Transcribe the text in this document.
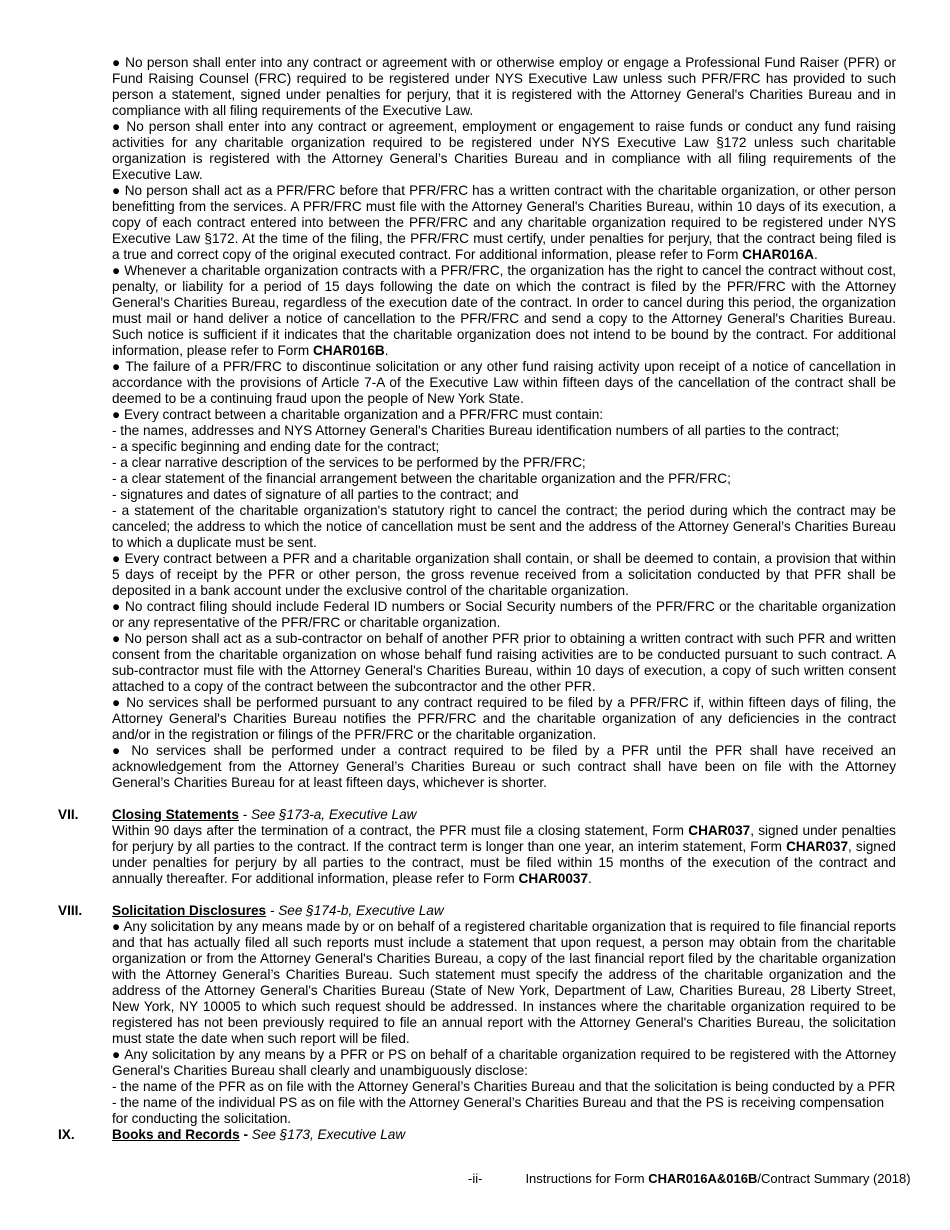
● No person shall enter into any contract or agreement with or otherwise employ or engage a Professional Fund Raiser (PFR) or Fund Raising Counsel (FRC) required to be registered under NYS Executive Law unless such PFR/FRC has provided to such person a statement, signed under penalties for perjury, that it is registered with the Attorney General's Charities Bureau and in compliance with all filing requirements of the Executive Law.

● No person shall enter into any contract or agreement, employment or engagement to raise funds or conduct any fund raising activities for any charitable organization required to be registered under NYS Executive Law §172 unless such charitable organization is registered with the Attorney General’s Charities Bureau and in compliance with all filing requirements of the Executive Law.

● No person shall act as a PFR/FRC before that PFR/FRC has a written contract with the charitable organization, or other person benefitting from the services. A PFR/FRC must file with the Attorney General's Charities Bureau, within 10 days of its execution, a copy of each contract entered into between the PFR/FRC and any charitable organization required to be registered under NYS Executive Law §172. At the time of the filing, the PFR/FRC must certify, under penalties for perjury, that the contract being filed is a true and correct copy of the original executed contract. For additional information, please refer to Form CHAR016A.

● Whenever a charitable organization contracts with a PFR/FRC, the organization has the right to cancel the contract without cost, penalty, or liability for a period of 15 days following the date on which the contract is filed by the PFR/FRC with the Attorney General's Charities Bureau, regardless of the execution date of the contract. In order to cancel during this period, the organization must mail or hand deliver a notice of cancellation to the PFR/FRC and send a copy to the Attorney General's Charities Bureau. Such notice is sufficient if it indicates that the charitable organization does not intend to be bound by the contract. For additional information, please refer to Form CHAR016B.

● The failure of a PFR/FRC to discontinue solicitation or any other fund raising activity upon receipt of a notice of cancellation in accordance with the provisions of Article 7-A of the Executive Law within fifteen days of the cancellation of the contract shall be deemed to be a continuing fraud upon the people of New York State.

● Every contract between a charitable organization and a PFR/FRC must contain:

- the names, addresses and NYS Attorney General's Charities Bureau identification numbers of all parties to the contract;

- a specific beginning and ending date for the contract;

- a clear narrative description of the services to be performed by the PFR/FRC;

- a clear statement of the financial arrangement between the charitable organization and the PFR/FRC;

- signatures and dates of signature of all parties to the contract; and

- a statement of the charitable organization's statutory right to cancel the contract; the period during which the contract may be canceled; the address to which the notice of cancellation must be sent and the address of the Attorney General’s Charities Bureau to which a duplicate must be sent.

● Every contract between a PFR and a charitable organization shall contain, or shall be deemed to contain, a provision that within 5 days of receipt by the PFR or other person, the gross revenue received from a solicitation conducted by that PFR shall be deposited in a bank account under the exclusive control of the charitable organization.

● No contract filing should include Federal ID numbers or Social Security numbers of the PFR/FRC or the charitable organization or any representative of the PFR/FRC or charitable organization.

● No person shall act as a sub-contractor on behalf of another PFR prior to obtaining a written contract with such PFR and written consent from the charitable organization on whose behalf fund raising activities are to be conducted pursuant to such contract. A sub-contractor must file with the Attorney General's Charities Bureau, within 10 days of execution, a copy of such written consent attached to a copy of the contract between the subcontractor and the other PFR.

● No services shall be performed pursuant to any contract required to be filed by a PFR/FRC if, within fifteen days of filing, the Attorney General's Charities Bureau notifies the PFR/FRC and the charitable organization of any deficiencies in the contract and/or in the registration or filings of the PFR/FRC or the charitable organization.

● No services shall be performed under a contract required to be filed by a PFR until the PFR shall have received an acknowledgement from the Attorney General’s Charities Bureau or such contract shall have been on file with the Attorney General’s Charities Bureau for at least fifteen days, whichever is shorter.

VII.	Closing Statements - See §173-a, Executive Law

Within 90 days after the termination of a contract, the PFR must file a closing statement, Form CHAR037, signed under penalties for perjury by all parties to the contract. If the contract term is longer than one year, an interim statement, Form CHAR037, signed under penalties for perjury by all parties to the contract, must be filed within 15 months of the execution of the contract and annually thereafter. For additional information, please refer to Form CHAR0037.

VIII.	Solicitation Disclosures - See §174-b, Executive Law

● Any solicitation by any means made by or on behalf of a registered charitable organization that is required to file financial reports and that has actually filed all such reports must include a statement that upon request, a person may obtain from the charitable organization or from the Attorney General's Charities Bureau, a copy of the last financial report filed by the charitable organization with the Attorney General’s Charities Bureau. Such statement must specify the address of the charitable organization and the address of the Attorney General's Charities Bureau (State of New York, Department of Law, Charities Bureau, 28 Liberty Street, New York, NY 10005 to which such request should be addressed. In instances where the charitable organization required to be registered has not been previously required to file an annual report with the Attorney General's Charities Bureau, the solicitation must state the date when such report will be filed.

● Any solicitation by any means by a PFR or PS on behalf of a charitable organization required to be registered with the Attorney General's Charities Bureau shall clearly and unambiguously disclose:

- the name of the PFR as on file with the Attorney General’s Charities Bureau and that the solicitation is being conducted by a PFR

- the name of the individual PS as on file with the Attorney General’s Charities Bureau and that the PS is receiving compensation for conducting the solicitation.

IX.	Books and Records - See §173, Executive Law
-ii-	Instructions for Form CHAR016A&016B/Contract Summary (2018)
